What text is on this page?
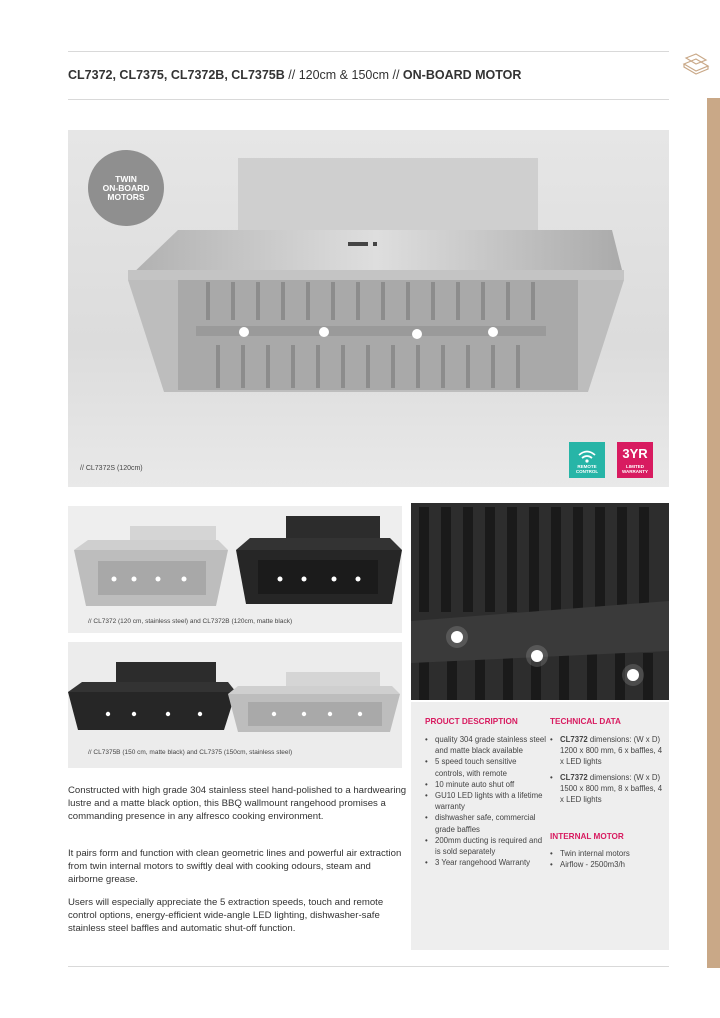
CL7372, CL7375, CL7372B, CL7375B // 120cm & 150cm // ON-BOARD MOTOR
TWIN
ON-BOARD
MOTORS
// CL7372S (120cm)	REMOTE
CONTROL
3YR
LIMITED
WARRANTY
// CL7372 (120 cm, stainless steel) and CL7372B (120cm, matte black)
// CL7375B (150 cm, matte black) and CL7375 (150cm, stainless steel)

Constructed with high grade 304 stainless steel hand-polished to a hardwearing lustre and a matte black option, this BBQ wallmount rangehood promises a commanding presence in any alfresco cooking environment.

It pairs form and function with clean geometric lines and powerful air extraction from twin internal motors to swiftly deal with cooking odours, steam and airborne grease.

Users will especially appreciate the 5 extraction speeds, touch and remote control options, energy-efficient wide-angle LED lighting, dishwasher-safe stainless steel baffles and automatic shut-off function.

PROUCT DESCRIPTION
• quality 304 grade stainless steel and matte black available
• 5 speed touch sensitive controls, with remote
• 10 minute auto shut off
• GU10 LED lights with a lifetime warranty
• dishwasher safe, commercial grade baffles
• 200mm ducting is required and is sold separately
• 3 Year rangehood Warranty
TECHNICAL DATA
• CL7372 dimensions: (W x D) 1200 x 800 mm, 6 x baffles, 4 x LED lights
• CL7372 dimensions: (W x D) 1500 x 800 mm, 8 x baffles, 4 x LED lights
INTERNAL MOTOR
• Twin internal motors
• Airflow - 2500m3/h
